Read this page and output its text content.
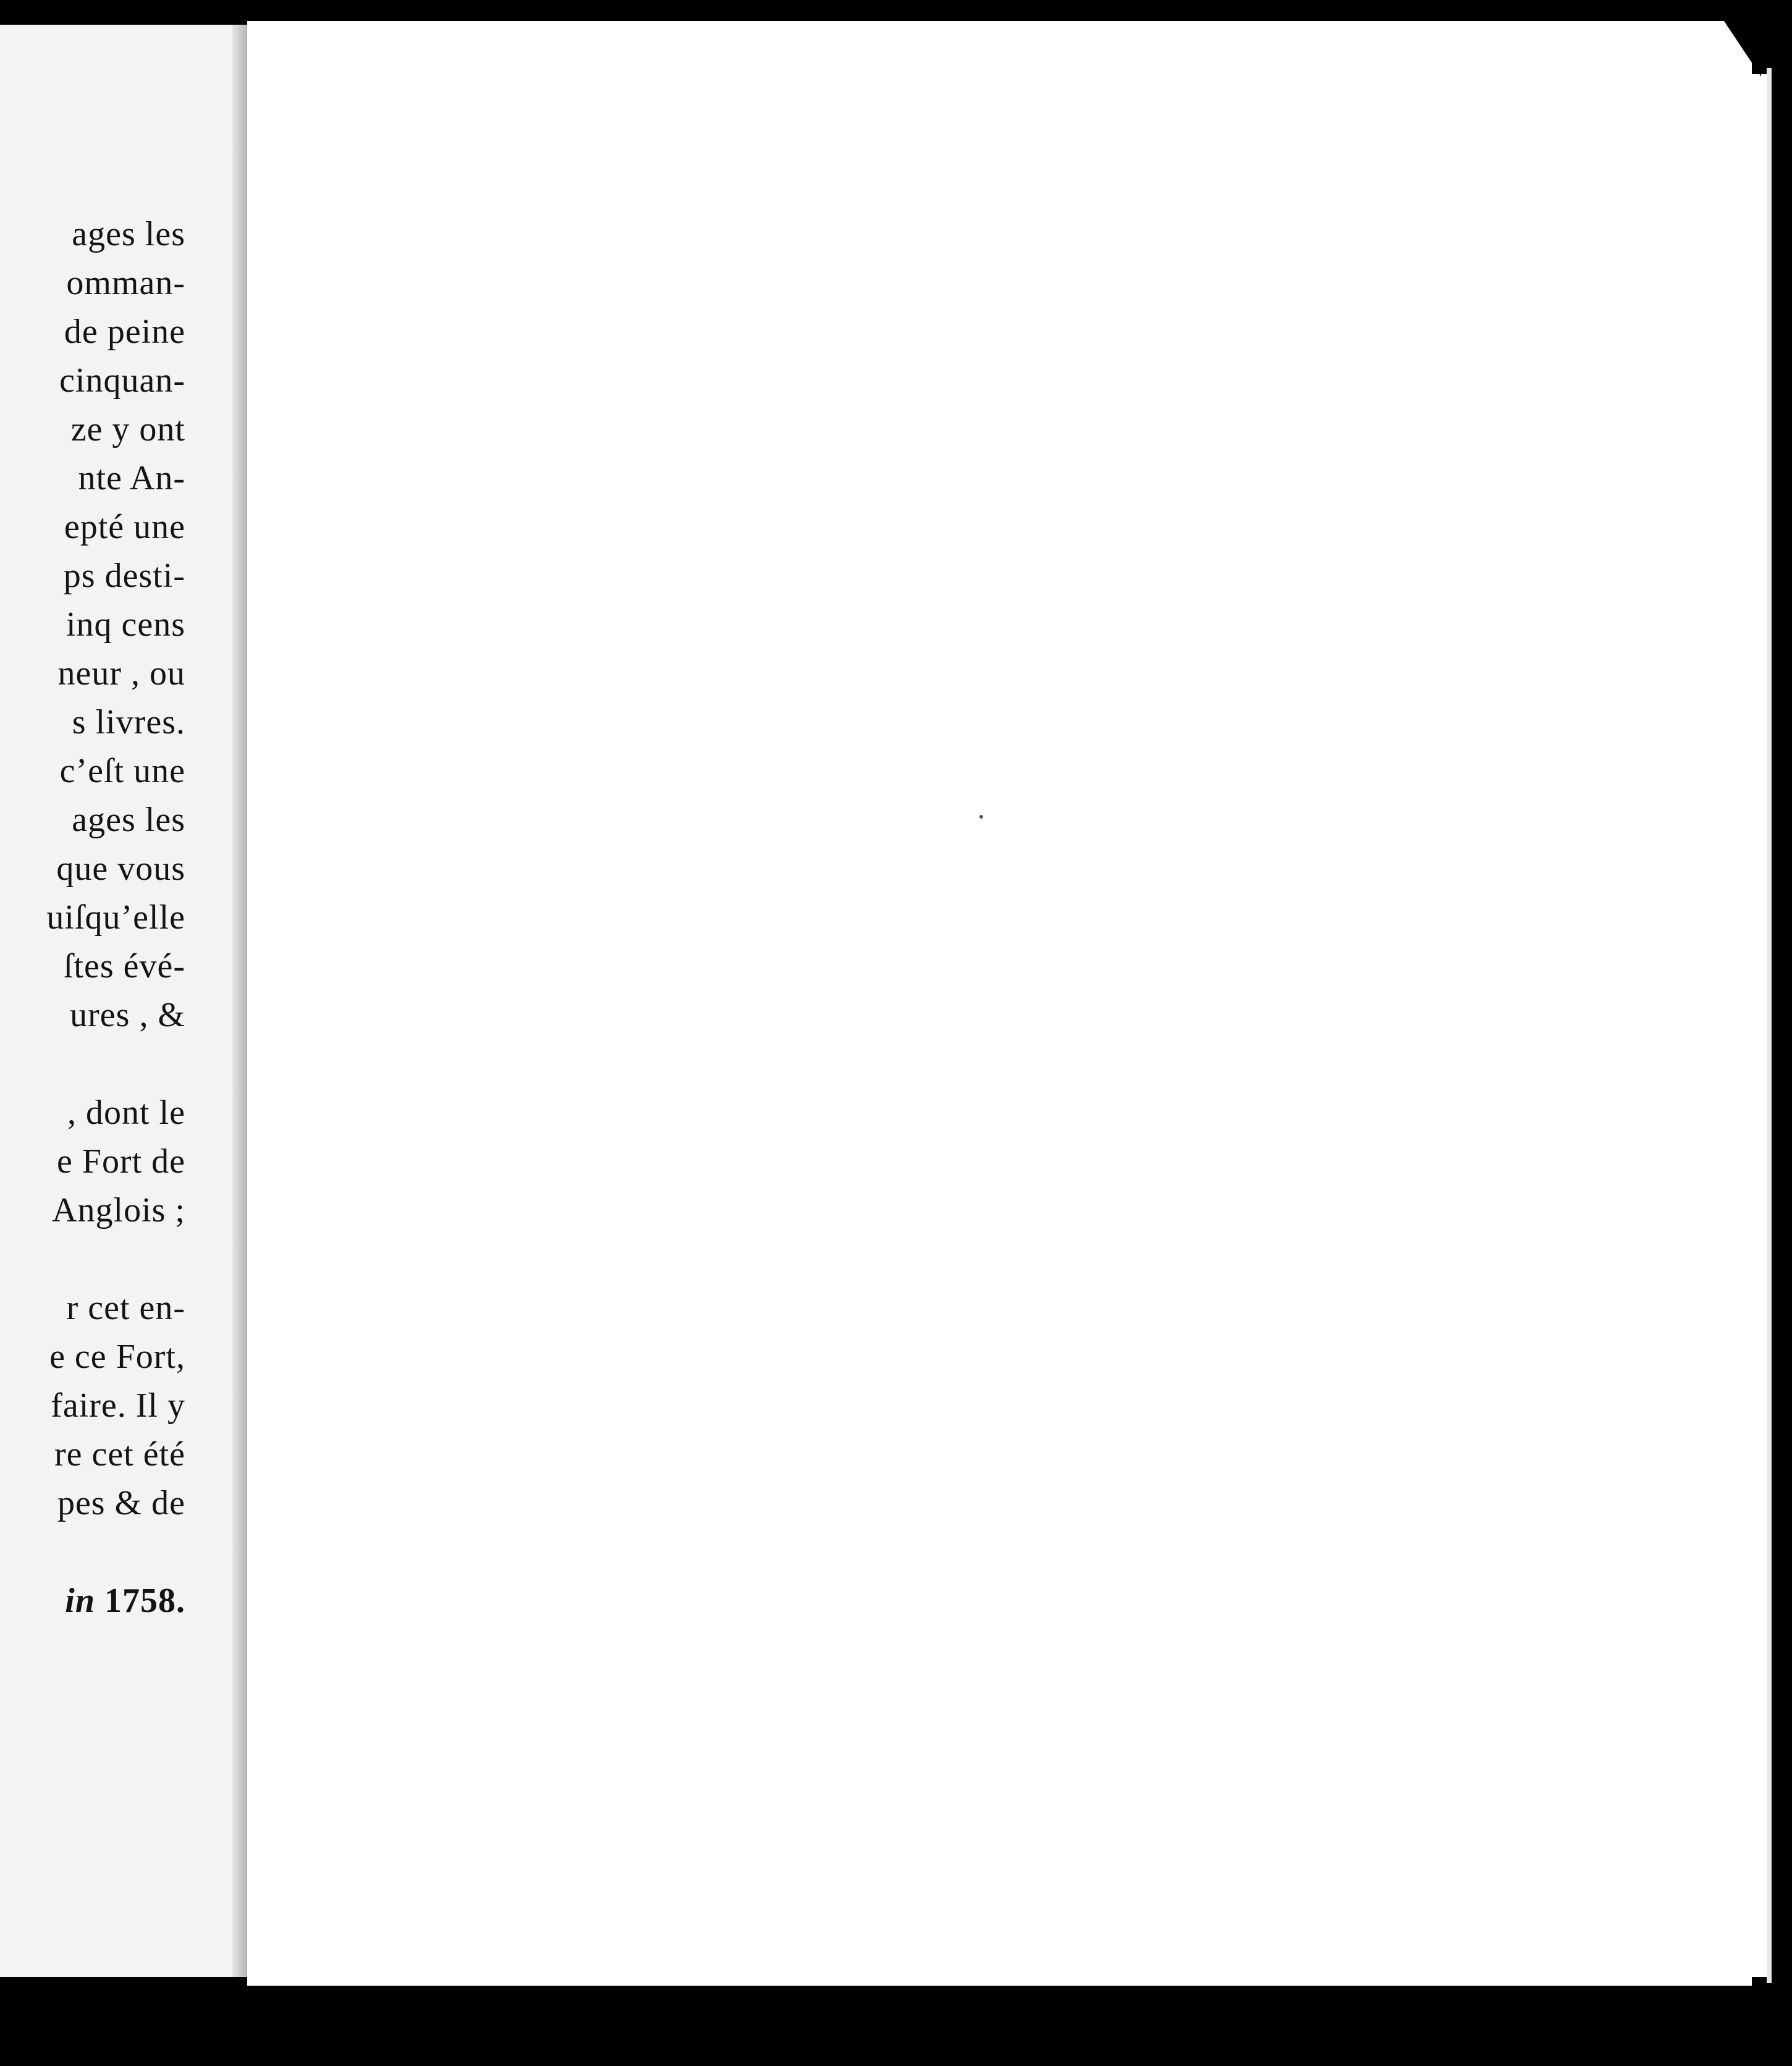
ages les
omman-
de peine
cinquan-
ze y ont
nte An-
epté une
ps desti-
inq cens
neur , ou
s livres.
c’eſt une
ages les
que vous
uiſqu’elle
ſtes évé-
ures , &
, dont le
e Fort de
Anglois ;
r cet en-
e ce Fort,
faire. Il y
re cet été
pes & de
in 1758.
